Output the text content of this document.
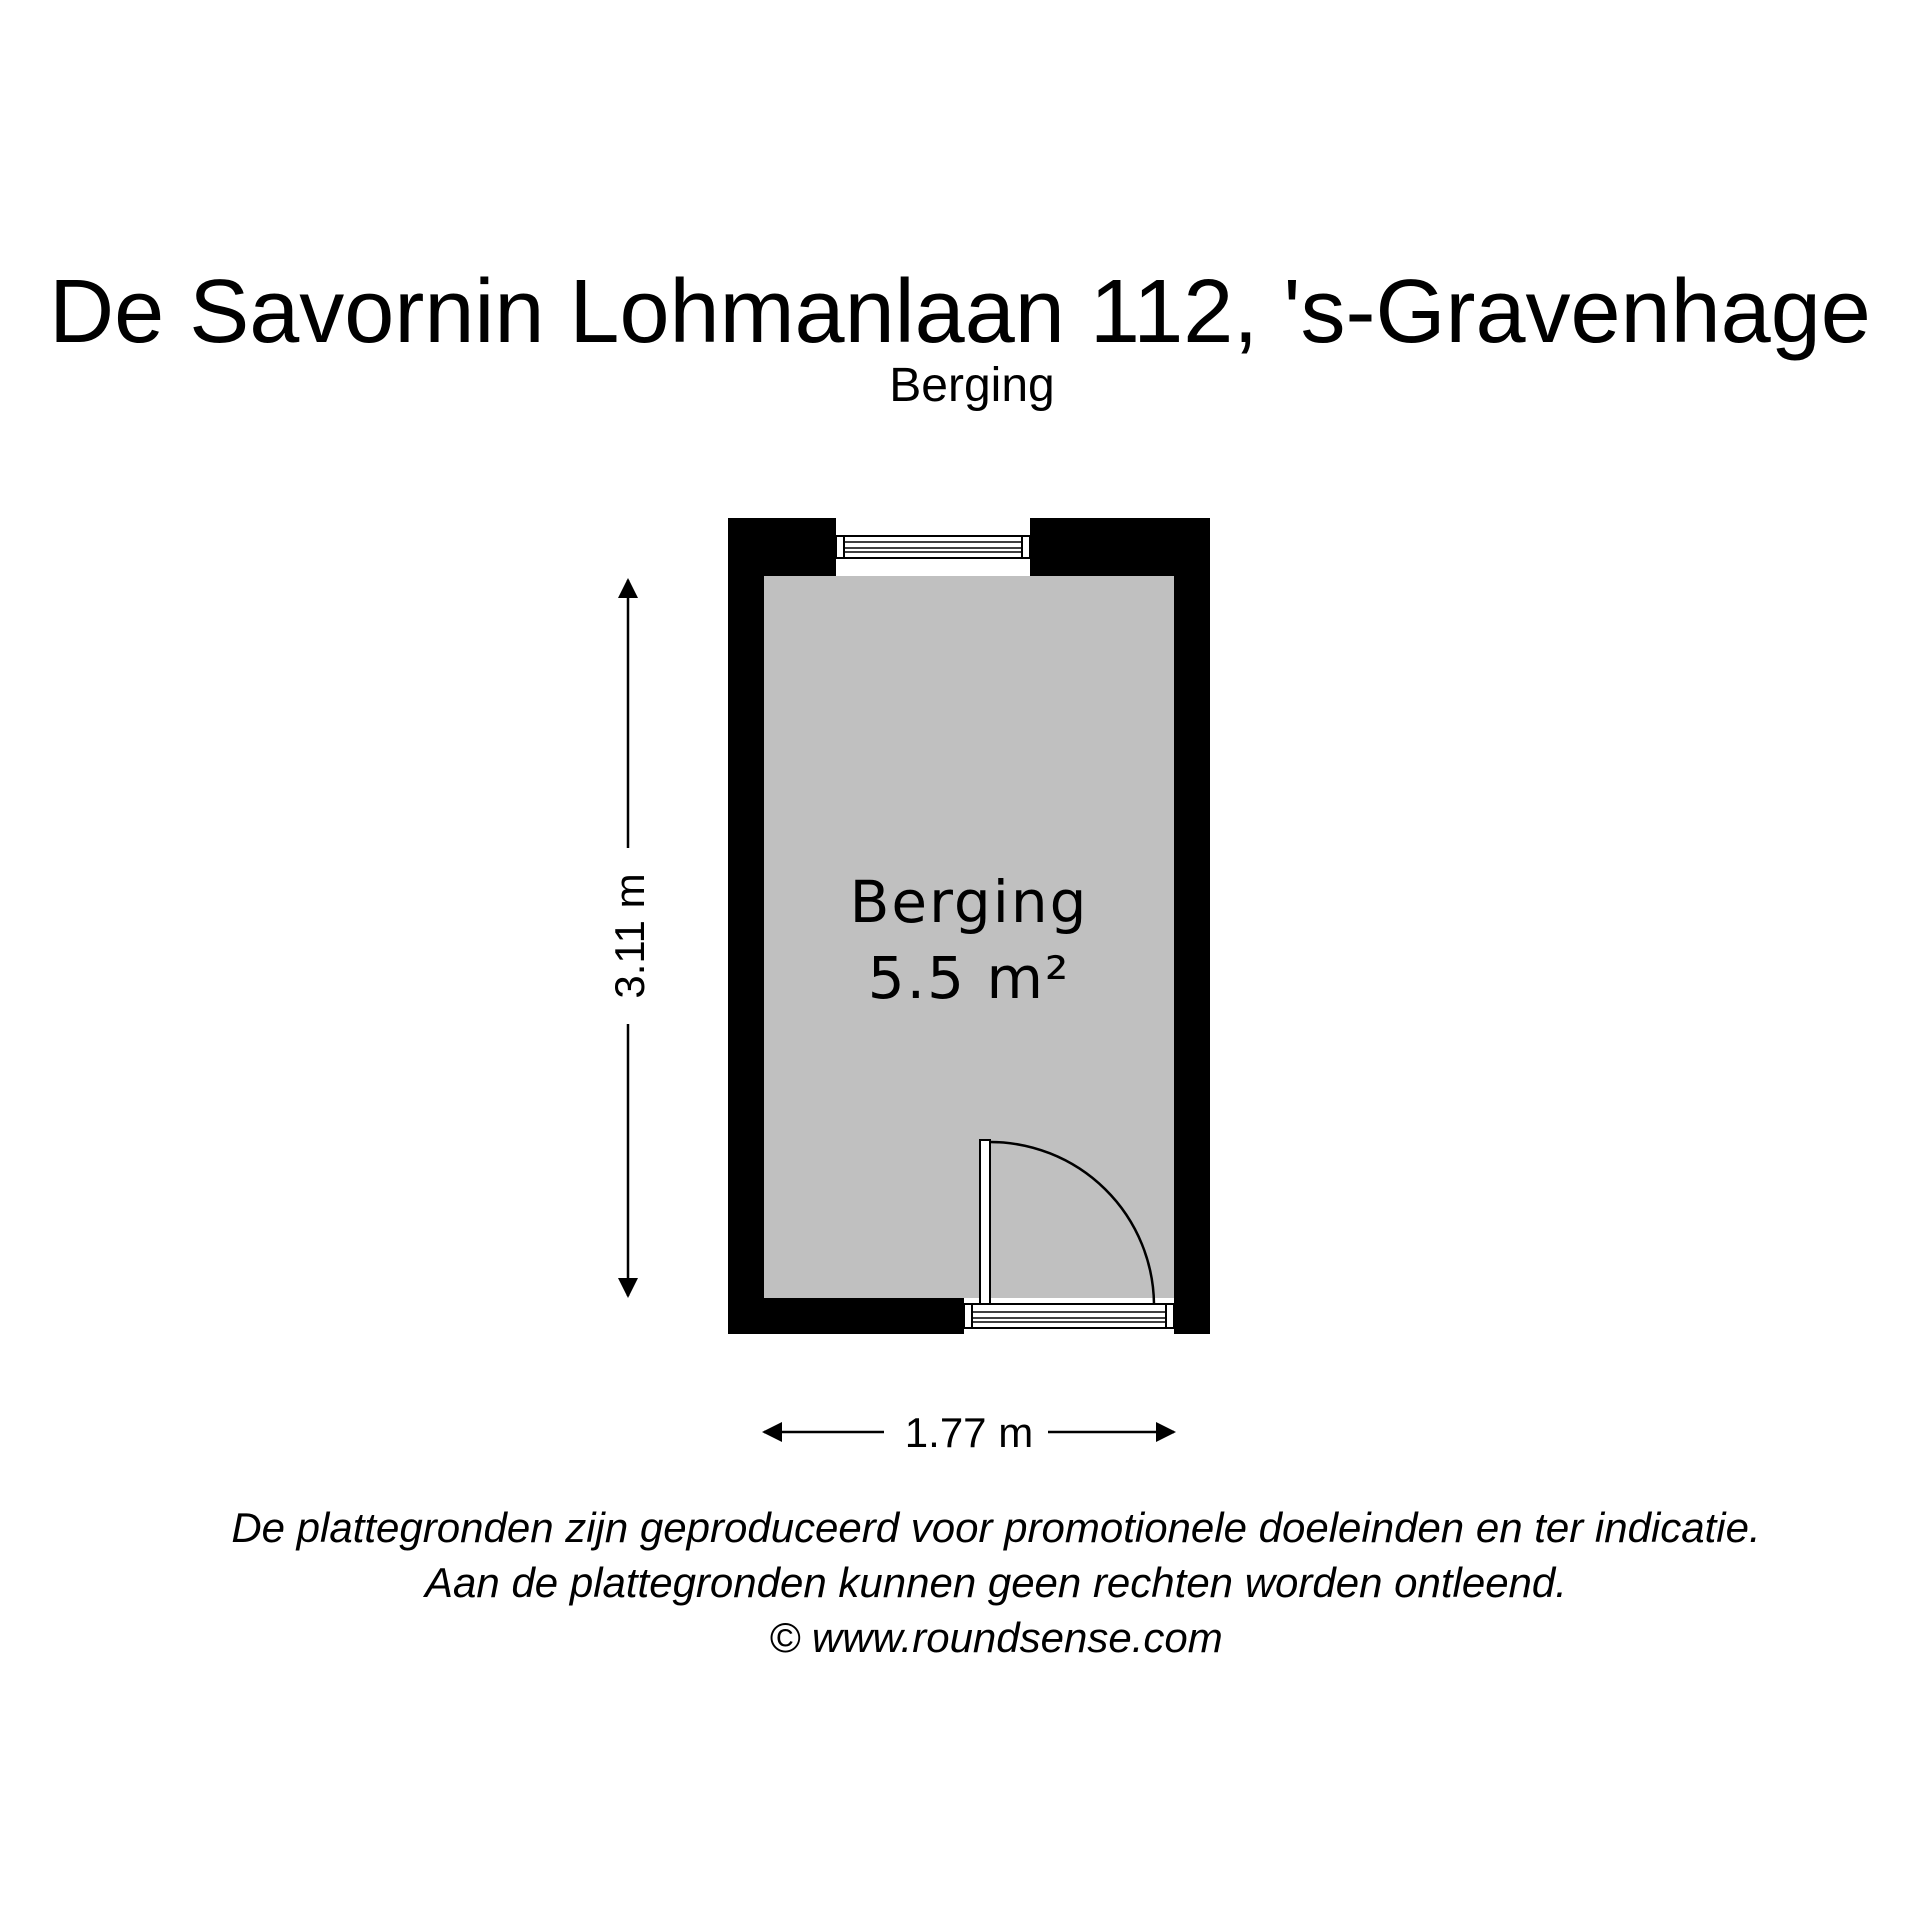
De Savornin Lohmanlaan 112, 's-Gravenhage
Berging
Berging
5.5 m²
3.11 m
1.77 m
De plattegronden zijn geproduceerd voor promotionele doeleinden en ter indicatie.
Aan de plattegronden kunnen geen rechten worden ontleend.
© www.roundsense.com
